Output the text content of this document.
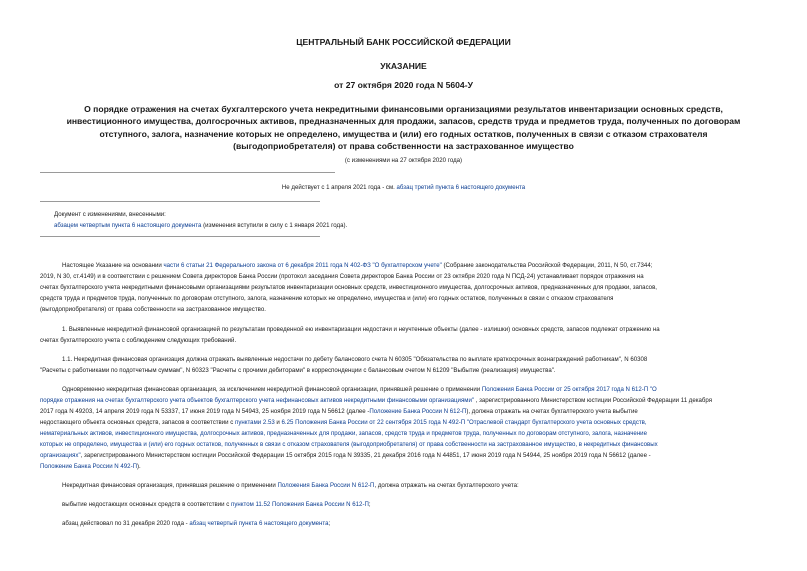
ЦЕНТРАЛЬНЫЙ БАНК РОССИЙСКОЙ ФЕДЕРАЦИИ
УКАЗАНИЕ
от 27 октября 2020 года N 5604-У
О порядке отражения на счетах бухгалтерского учета некредитными финансовыми организациями результатов инвентаризации основных средств,
инвестиционного имущества, долгосрочных активов, предназначенных для продажи, запасов, средств труда и предметов труда, полученных по договорам
отступного, залога, назначение которых не определено, имущества и (или) его годных остатков, полученных в связи с отказом страхователя
(выгодоприобретателя) от права собственности на застрахованное имущество
(с изменениями на 27 октября 2020 года)
Не действует с 1 апреля 2021 года - см. абзац третий пункта 6 настоящего документа
Документ с изменениями, внесенными:
абзацем четвертым пункта 6 настоящего документа (изменения вступили в силу с 1 января 2021 года).
Настоящее Указание на основании части 6 статьи 21 Федерального закона от 6 декабря 2011 года N 402-ФЗ "О бухгалтерском учете" (Собрание законодательства Российской Федерации, 2011, N 50, ст.7344;
2019, N 30, ст.4149) и в соответствии с решением Совета директоров Банка России (протокол заседания Совета директоров Банка России от 23 октября 2020 года N ПСД-24) устанавливает порядок отражения на
счетах бухгалтерского учета некредитными финансовыми организациями результатов инвентаризации основных средств, инвестиционного имущества, долгосрочных активов, предназначенных для продажи, запасов,
средств труда и предметов труда, полученных по договорам отступного, залога, назначение которых не определено, имущества и (или) его годных остатков, полученных в связи с отказом страхователя
(выгодоприобретателя) от права собственности на застрахованное имущество.
1. Выявленные некредитной финансовой организацией по результатам проведенной ею инвентаризации недостачи и неучтенные объекты (далее - излишки) основных средств, запасов подлежат отражению на
счетах бухгалтерского учета с соблюдением следующих требований.
1.1. Некредитная финансовая организация должна отражать выявленные недостачи по дебету балансового счета N 60305 "Обязательства по выплате краткосрочных вознаграждений работникам", N 60308
"Расчеты с работниками по подотчетным суммам", N 60323 "Расчеты с прочими дебиторами" в корреспонденции с балансовым счетом N 61209 "Выбытие (реализация) имущества".
Одновременно некредитная финансовая организация, за исключением некредитной финансовой организации, принявшей решение о применении Положения Банка России от 25 октября 2017 года N 612-П "О
порядке отражения на счетах бухгалтерского учета объектов бухгалтерского учета нефинансовых активов некредитными финансовыми организациями" , зарегистрированного Министерством юстиции Российской Федерации 11 декабря
2017 года N 49203, 14 апреля 2019 года N 53337, 17 июня 2019 года N 54943, 25 ноября 2019 года N 56612 (далее -Положение Банка России N 612-П), должна отражать на счетах бухгалтерского учета выбытие
недостающего объекта основных средств, запасов в соответствии с пунктами 2.53 и 6.25 Положения Банка России от 22 сентября 2015 года N 492-П "Отраслевой стандарт бухгалтерского учета основных средств,
нематериальных активов, инвестиционного имущества, долгосрочных активов, предназначенных для продажи, запасов, средств труда и предметов труда, полученных по договорам отступного, залога, назначение
которых не определено, имущества и (или) его годных остатков, полученных в связи с отказом страхователя (выгодоприобретателя) от права собственности на застрахованное имущество, в некредитных финансовых
организациях", зарегистрированного Министерством юстиции Российской Федерации 15 октября 2015 года N 39335, 21 декабря 2016 года N 44851, 17 июня 2019 года N 54944, 25 ноября 2019 года N 56612 (далее -
Положение Банка России N 492-П).
Некредитная финансовая организация, принявшая решение о применении Положения Банка России N 612-П, должна отражать на счетах бухгалтерского учета:
выбытие недостающих основных средств в соответствии с пунктом 11.52 Положения Банка России N 612-П;
абзац действовал по 31 декабря 2020 года - абзац четвертый пункта 6 настоящего документа;
